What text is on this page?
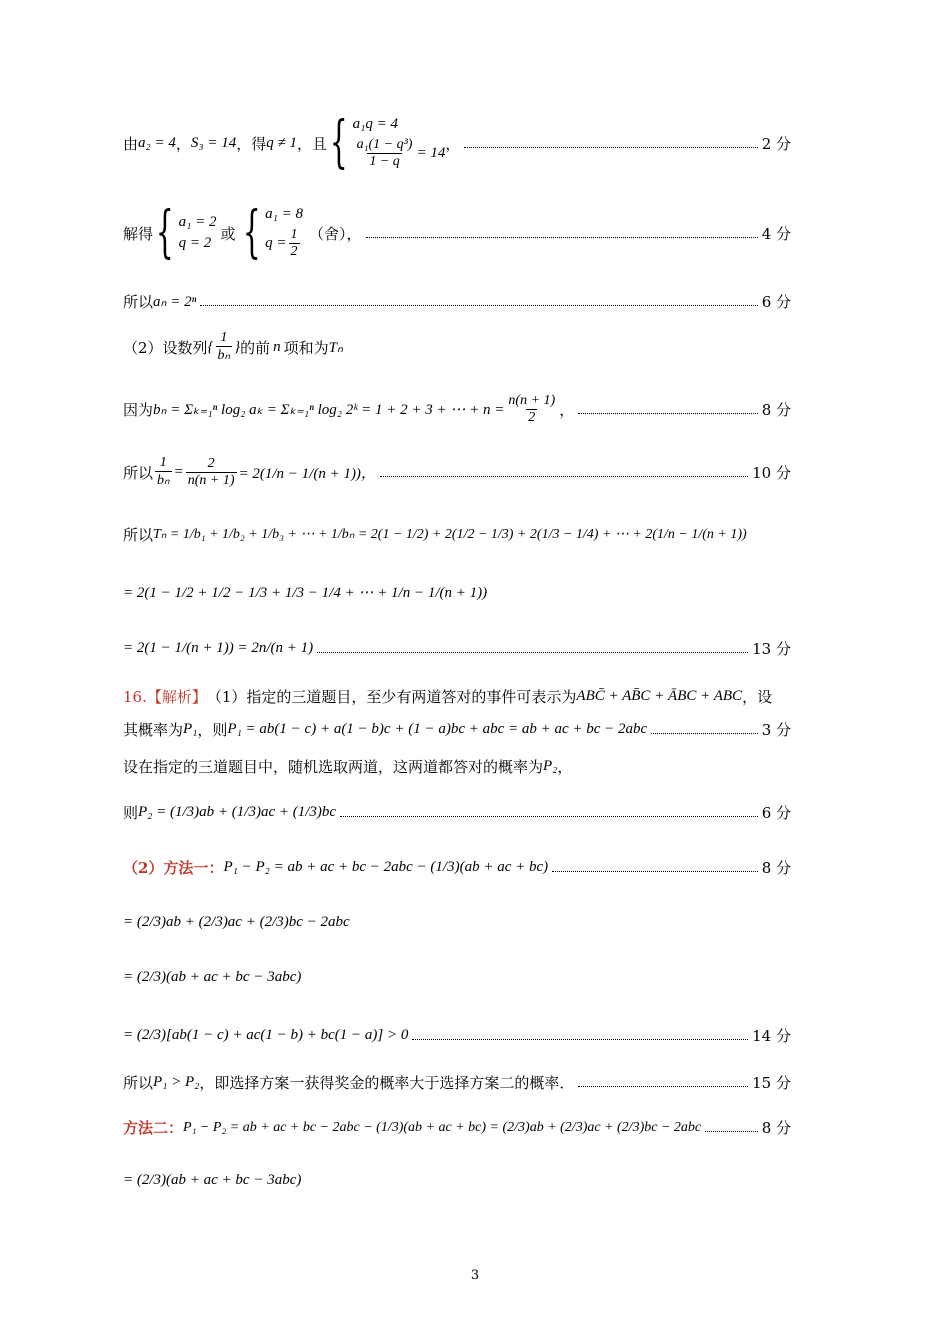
由 a₂ = 4 ， S₃ = 14 ，得 q ≠ 1 ，且 { a₁q = 4
$\frac{\text{a₁(1 − q³)}}{1 - q} = 14$
，	2 分
解得 { a₁ = 2
q = 2
或 { a₁ = 8
$q = \frac{1}{2}$ （舍），	4 分
所以 aₙ = 2ⁿ	6 分
（2）设数列 { $\frac{1}{\text{bₙ}}$ } 的前 n 项和为 Tₙ
因为 bₙ = Σₖ₌₁ⁿ log₂ aₖ = Σₖ₌₁ⁿ log₂ 2ᵏ = 1 + 2 + 3 + ⋯ + $n = \frac{n(n + 1)}{2}$ ，	8 分
所以 $\frac{1}{\text{bₙ}} = \frac{2}{n(n + 1)} = 2(1/n - 1/(n + 1))$，	10 分
所以 Tₙ = 1/b₁ + 1/b₂ + 1/b₃ + ⋯ + 1/bₙ = 2(1 − 1/2) + 2(1/2 − 1/3) + 2(1/3 − 1/4) + ⋯ + 2(1/n − 1/(n + 1))
= 2(1 − 1/2 + 1/2 − 1/3 + 1/3 − 1/4 + ⋯ + 1/n − 1/(n + 1))
= 2(1 − 1/(n + 1)) = 2n/(n + 1)	13 分
16. 【解析】 （1）指定的三道题目，至少有两道答对的事件可表示为 ABC̄ + AB̄C + ĀBC + ABC ，设
其概率为 P₁ ，则 P₁ = ab(1 − c) + a(1 − b)c + (1 − a)bc + abc = ab + ac + bc − 2abc	3 分
设在指定的三道题目中，随机选取两道，这两道都答对的概率为 P₂ ，
则 P₂ = (1/3)ab + (1/3)ac + (1/3)bc	6 分
（2）方法一： P₁ − P₂ = ab + ac + bc − 2abc − (1/3)(ab + ac + bc)	8 分
= (2/3)ab + (2/3)ac + (2/3)bc − 2abc
= (2/3)(ab + ac + bc − 3abc)
= (2/3)[ab(1 − c) + ac(1 − b) + bc(1 − a)] > 0	14 分
所以 P₁ > P₂ ，即选择方案一获得奖金的概率大于选择方案二的概率．	15 分
方法二： P₁ − P₂ = ab + ac + bc − 2abc − (1/3)(ab + ac + bc) = (2/3)ab + (2/3)ac + (2/3)bc − 2abc	8 分
= (2/3)(ab + ac + bc − 3abc)
3
